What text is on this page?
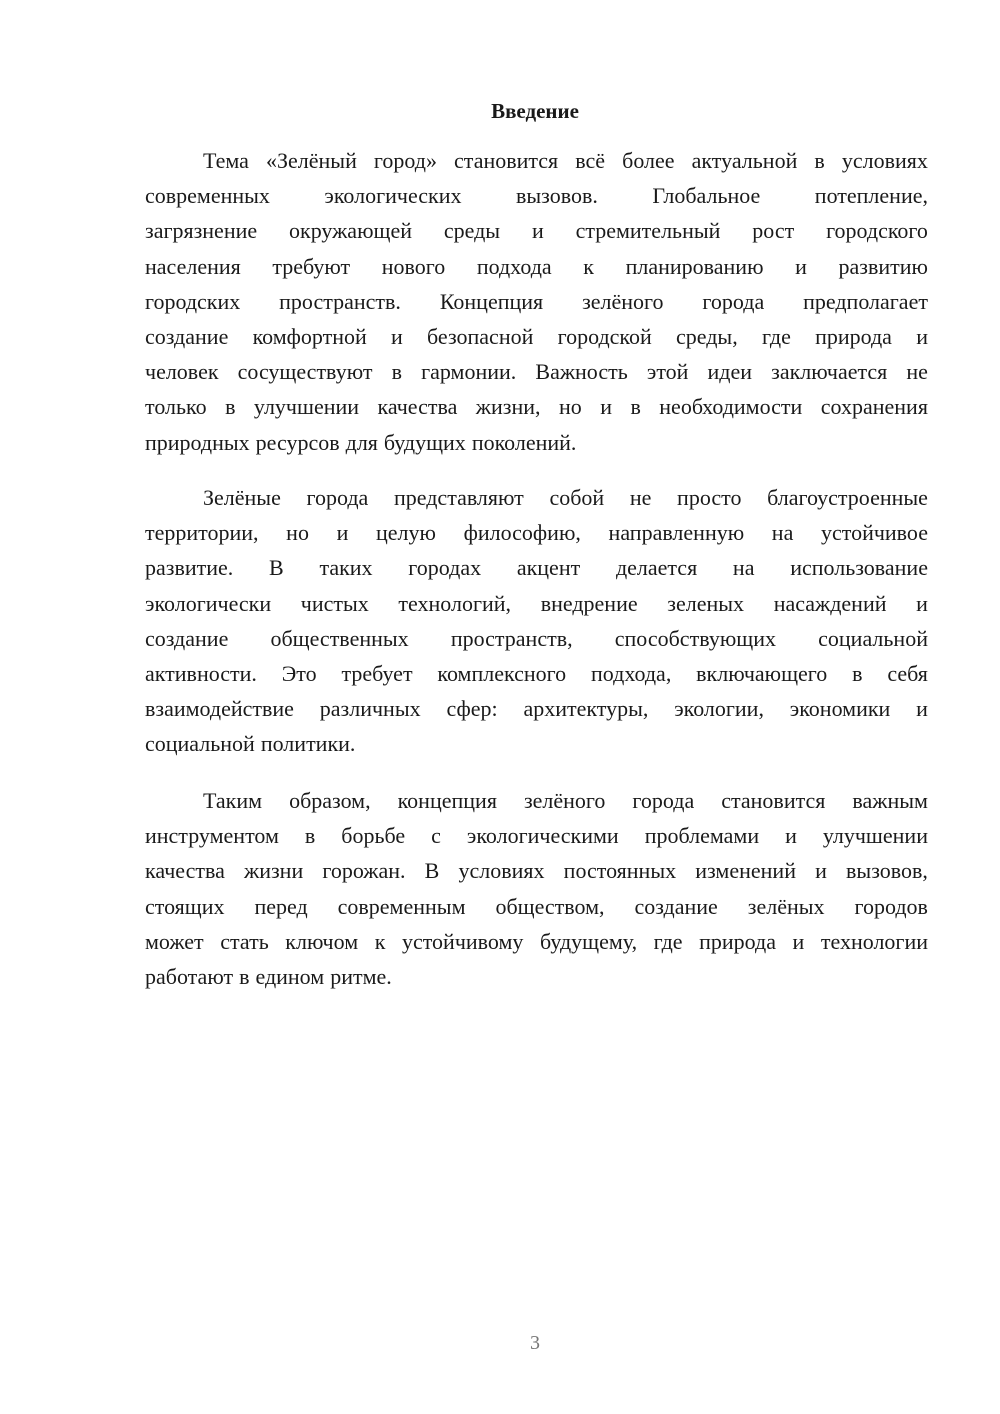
Введение
Тема «Зелёный город» становится всё более актуальной в условиях
современных экологических вызовов. Глобальное потепление,
загрязнение окружающей среды и стремительный рост городского
населения требуют нового подхода к планированию и развитию
городских пространств. Концепция зелёного города предполагает
создание комфортной и безопасной городской среды, где природа и
человек сосуществуют в гармонии. Важность этой идеи заключается не
только в улучшении качества жизни, но и в необходимости сохранения
природных ресурсов для будущих поколений.
Зелёные города представляют собой не просто благоустроенные
территории, но и целую философию, направленную на устойчивое
развитие. В таких городах акцент делается на использование
экологически чистых технологий, внедрение зеленых насаждений и
создание общественных пространств, способствующих социальной
активности. Это требует комплексного подхода, включающего в себя
взаимодействие различных сфер: архитектуры, экологии, экономики и
социальной политики.
Таким образом, концепция зелёного города становится важным
инструментом в борьбе с экологическими проблемами и улучшении
качества жизни горожан. В условиях постоянных изменений и вызовов,
стоящих перед современным обществом, создание зелёных городов
может стать ключом к устойчивому будущему, где природа и технологии
работают в едином ритме.
3
